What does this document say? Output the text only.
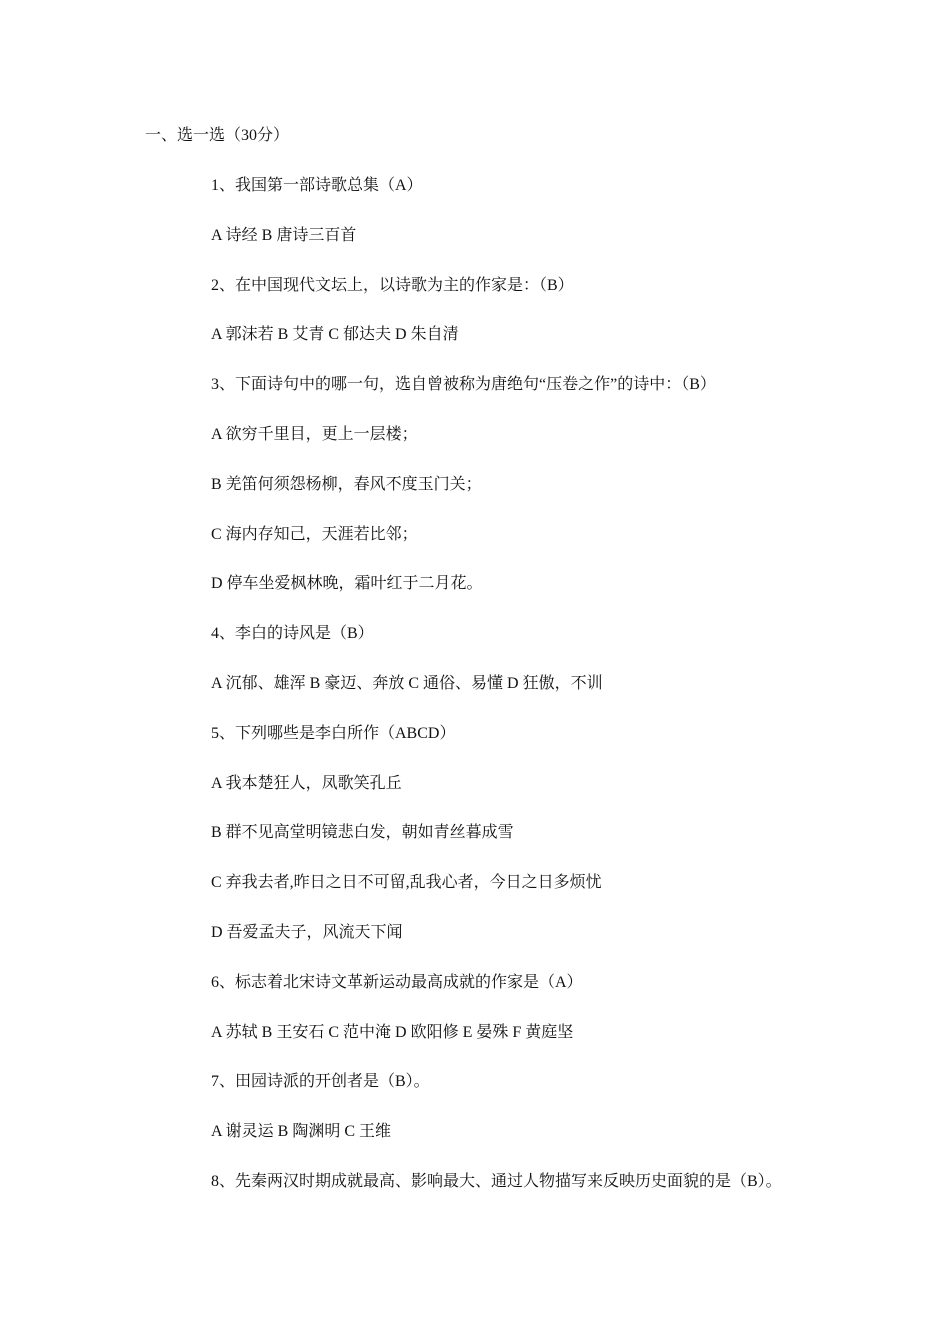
一、选一选（30分）
1、我国第一部诗歌总集（A）
A 诗经 B 唐诗三百首
2、在中国现代文坛上，以诗歌为主的作家是：（B）
A 郭沫若 B 艾青 C 郁达夫 D 朱自清
3、下面诗句中的哪一句，选自曾被称为唐绝句“压卷之作”的诗中：（B）
A 欲穷千里目，更上一层楼；
B 羌笛何须怨杨柳，春风不度玉门关；
C 海内存知己，天涯若比邻；
D 停车坐爱枫林晚，霜叶红于二月花。
4、李白的诗风是（B）
A 沉郁、雄浑 B 豪迈、奔放 C 通俗、易懂 D 狂傲，不训
5、下列哪些是李白所作（ABCD）
A 我本楚狂人，凤歌笑孔丘
B 群不见高堂明镜悲白发，朝如青丝暮成雪
C 弃我去者,昨日之日不可留,乱我心者，今日之日多烦忧
D 吾爱孟夫子，风流天下闻
6、标志着北宋诗文革新运动最高成就的作家是（A）
A 苏轼 B 王安石 C 范中淹 D 欧阳修 E 晏殊 F 黄庭坚
7、田园诗派的开创者是（B）。
A 谢灵运 B 陶渊明 C 王维
8、先秦两汉时期成就最高、影响最大、通过人物描写来反映历史面貌的是（B）。
